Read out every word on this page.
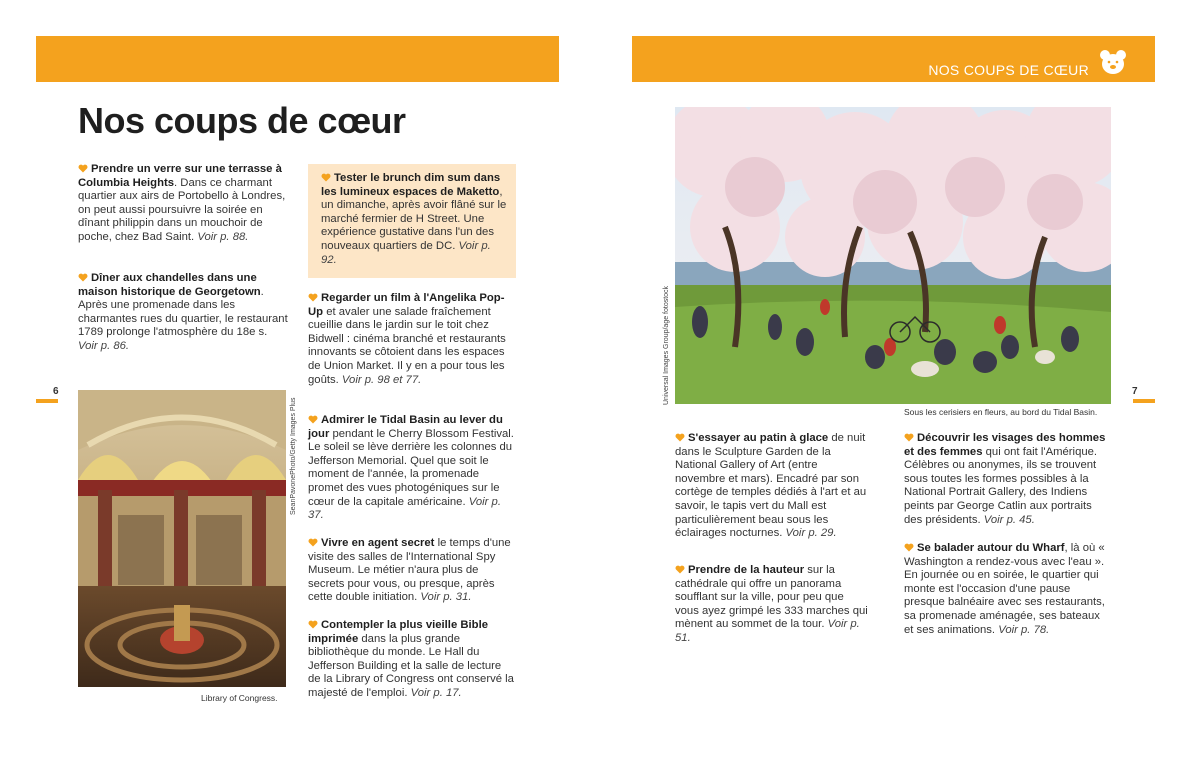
NOS COUPS DE CŒUR
Nos coups de cœur
Prendre un verre sur une terrasse à Columbia Heights. Dans ce charmant quartier aux airs de Portobello à Londres, on peut aussi poursuivre la soirée en dînant philippin dans un mouchoir de poche, chez Bad Saint. Voir p. 88.
Dîner aux chandelles dans une maison historique de Georgetown. Après une promenade dans les charmantes rues du quartier, le restaurant 1789 prolonge l'atmosphère du 18e s. Voir p. 86.
SeanPavonePhoto/Getty Images Plus
Library of Congress.
Tester le brunch dim sum dans les lumineux espaces de Maketto, un dimanche, après avoir flâné sur le marché fermier de H Street. Une expérience gustative dans l'un des nouveaux quartiers de DC. Voir p. 92.
Regarder un film à l'Angelika Pop-Up et avaler une salade fraîchement cueillie dans le jardin sur le toit chez Bidwell : cinéma branché et restaurants innovants se côtoient dans les espaces de Union Market. Il y en a pour tous les goûts. Voir p. 98 et 77.
Admirer le Tidal Basin au lever du jour pendant le Cherry Blossom Festival. Le soleil se lève derrière les colonnes du Jefferson Memorial. Quel que soit le moment de l'année, la promenade promet des vues photogéniques sur le cœur de la capitale américaine. Voir p. 37.
Vivre en agent secret le temps d'une visite des salles de l'International Spy Museum. Le métier n'aura plus de secrets pour vous, ou presque, après cette double initiation. Voir p. 31.
Contempler la plus vieille Bible imprimée dans la plus grande bibliothèque du monde. Le Hall du Jefferson Building et la salle de lecture de la Library of Congress ont conservé la majesté de l'emploi. Voir p. 17.
6	7
Universal Images Group/age fotostock
Sous les cerisiers en fleurs, au bord du Tidal Basin.
S'essayer au patin à glace de nuit dans le Sculpture Garden de la National Gallery of Art (entre novembre et mars). Encadré par son cortège de temples dédiés à l'art et au savoir, le tapis vert du Mall est particulièrement beau sous les éclairages nocturnes. Voir p. 29.
Prendre de la hauteur sur la cathédrale qui offre un panorama soufflant sur la ville, pour peu que vous ayez grimpé les 333 marches qui mènent au sommet de la tour. Voir p. 51.
Découvrir les visages des hommes et des femmes qui ont fait l'Amérique. Célèbres ou anonymes, ils se trouvent sous toutes les formes possibles à la National Portrait Gallery, des Indiens peints par George Catlin aux portraits des présidents. Voir p. 45.
Se balader autour du Wharf, là où « Washington a rendez-vous avec l'eau ». En journée ou en soirée, le quartier qui monte est l'occasion d'une pause presque balnéaire avec ses restaurants, sa promenade aménagée, ses bateaux et ses animations. Voir p. 78.
